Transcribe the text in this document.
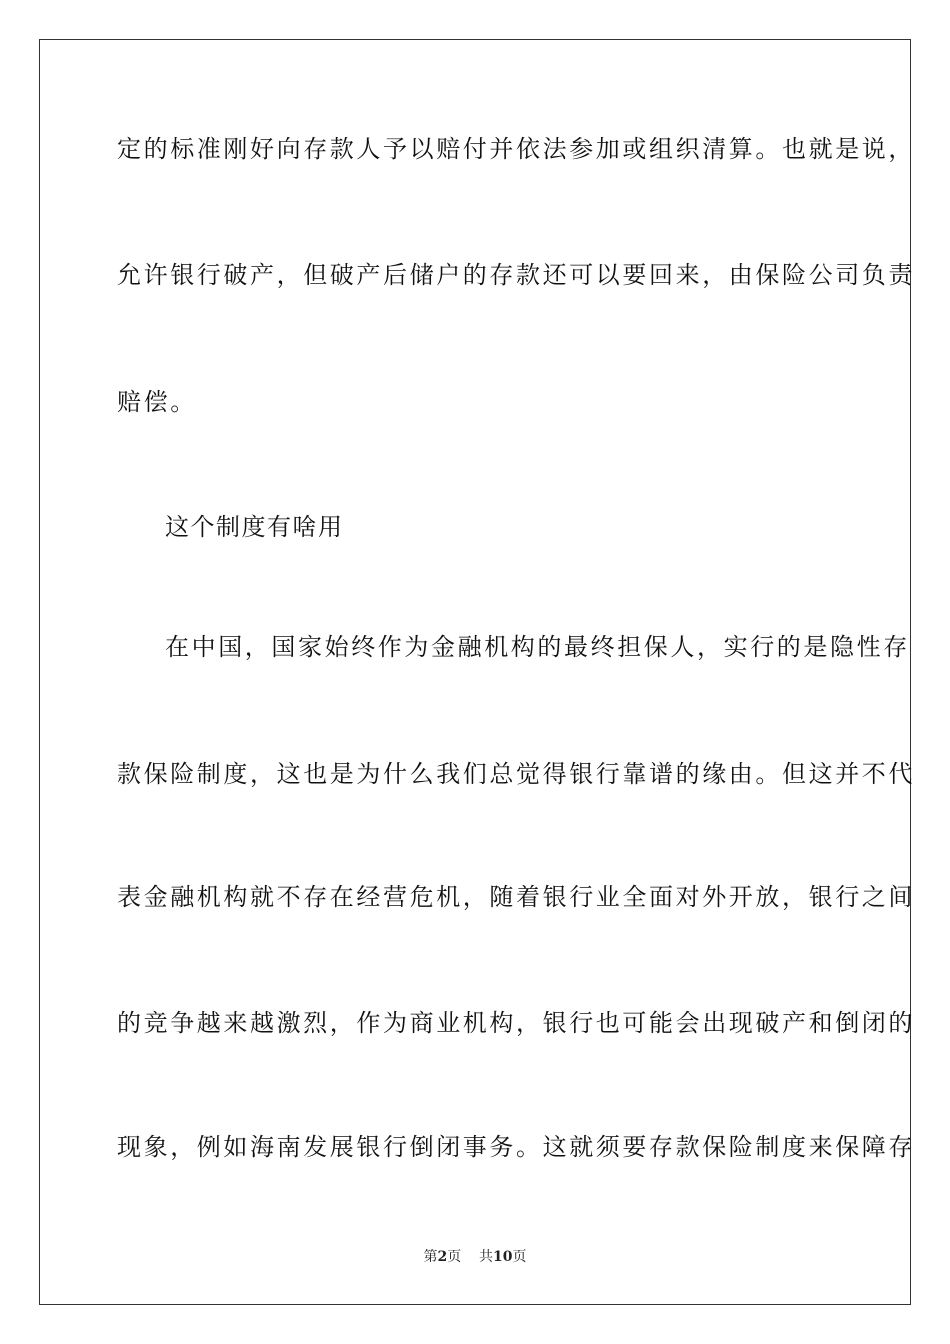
定的标准刚好向存款人予以赔付并依法参加或组织清算。也就是说，
允许银行破产，但破产后储户的存款还可以要回来，由保险公司负责
赔偿。
这个制度有啥用
在中国，国家始终作为金融机构的最终担保人，实行的是隐性存
款保险制度，这也是为什么我们总觉得银行靠谱的缘由。但这并不代
表金融机构就不存在经营危机，随着银行业全面对外开放，银行之间
的竞争越来越激烈，作为商业机构，银行也可能会出现破产和倒闭的
现象，例如海南发展银行倒闭事务。这就须要存款保险制度来保障存
第2页 共10页
